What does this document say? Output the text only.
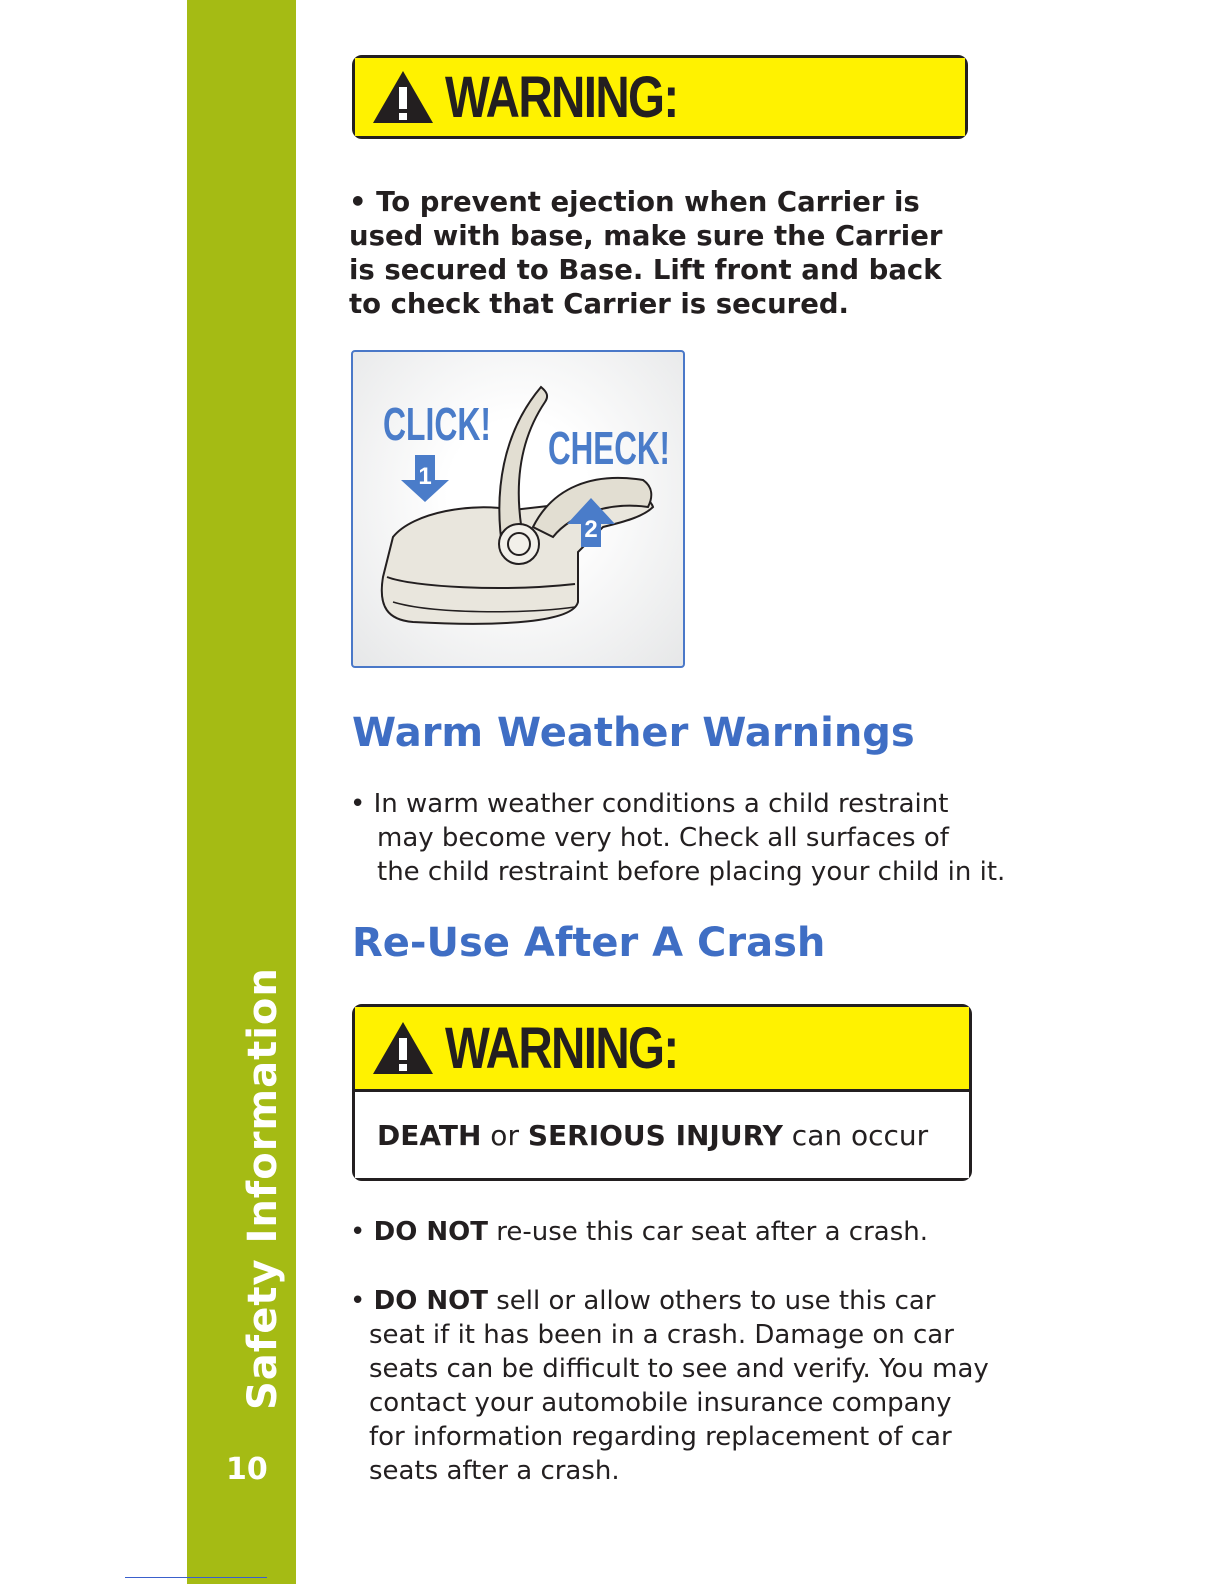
Safety Information
10
WARNING:
• To prevent ejection when Carrier is
used with base, make sure the Carrier
is secured to Base. Lift front and back
to check that Carrier is secured.
1
2
CLICK! CHECK!
Warm Weather Warnings
• In warm weather conditions a child restraint
may become very hot. Check all surfaces of
the child restraint before placing your child in it.
Re-Use After A Crash
WARNING:
DEATH or SERIOUS INJURY can occur
• DO NOT re-use this car seat after a crash.
• DO NOT sell or allow others to use this car
seat if it has been in a crash. Damage on car
seats can be difficult to see and verify. You may
contact your automobile insurance company
for information regarding replacement of car
seats after a crash.
